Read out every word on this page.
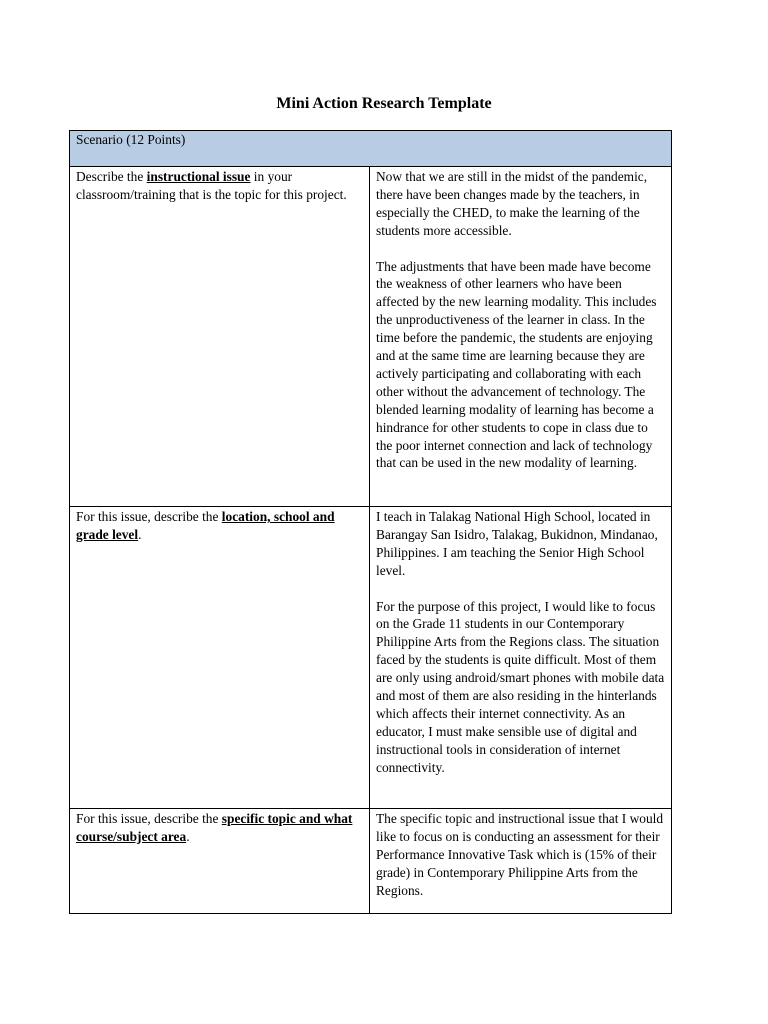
Mini Action Research Template
Scenario (12 Points)	

Describe the instructional issue in your classroom/training that is the topic for this project.	Now that we are still in the midst of the pandemic, there have been changes made by the teachers, in especially the CHED, to make the learning of the students more accessible.

The adjustments that have been made have become the weakness of other learners who have been affected by the new learning modality. This includes the unproductiveness of the learner in class. In the time before the pandemic, the students are enjoying and at the same time are learning because they are actively participating and collaborating with each other without the advancement of technology. The blended learning modality of learning has become a hindrance for other students to cope in class due to the poor internet connection and lack of technology that can be used in the new modality of learning.

For this issue, describe the location, school and grade level.	I teach in Talakag National High School, located in Barangay San Isidro, Talakag, Bukidnon, Mindanao, Philippines. I am teaching the Senior High School level.

For the purpose of this project, I would like to focus on the Grade 11 students in our Contemporary Philippine Arts from the Regions class. The situation faced by the students is quite difficult. Most of them are only using android/smart phones with mobile data and most of them are also residing in the hinterlands which affects their internet connectivity. As an educator, I must make sensible use of digital and instructional tools in consideration of internet connectivity.

For this issue, describe the specific topic and what course/subject area.	The specific topic and instructional issue that I would like to focus on is conducting an assessment for their Performance Innovative Task which is (15% of their grade) in Contemporary Philippine Arts from the Regions.
